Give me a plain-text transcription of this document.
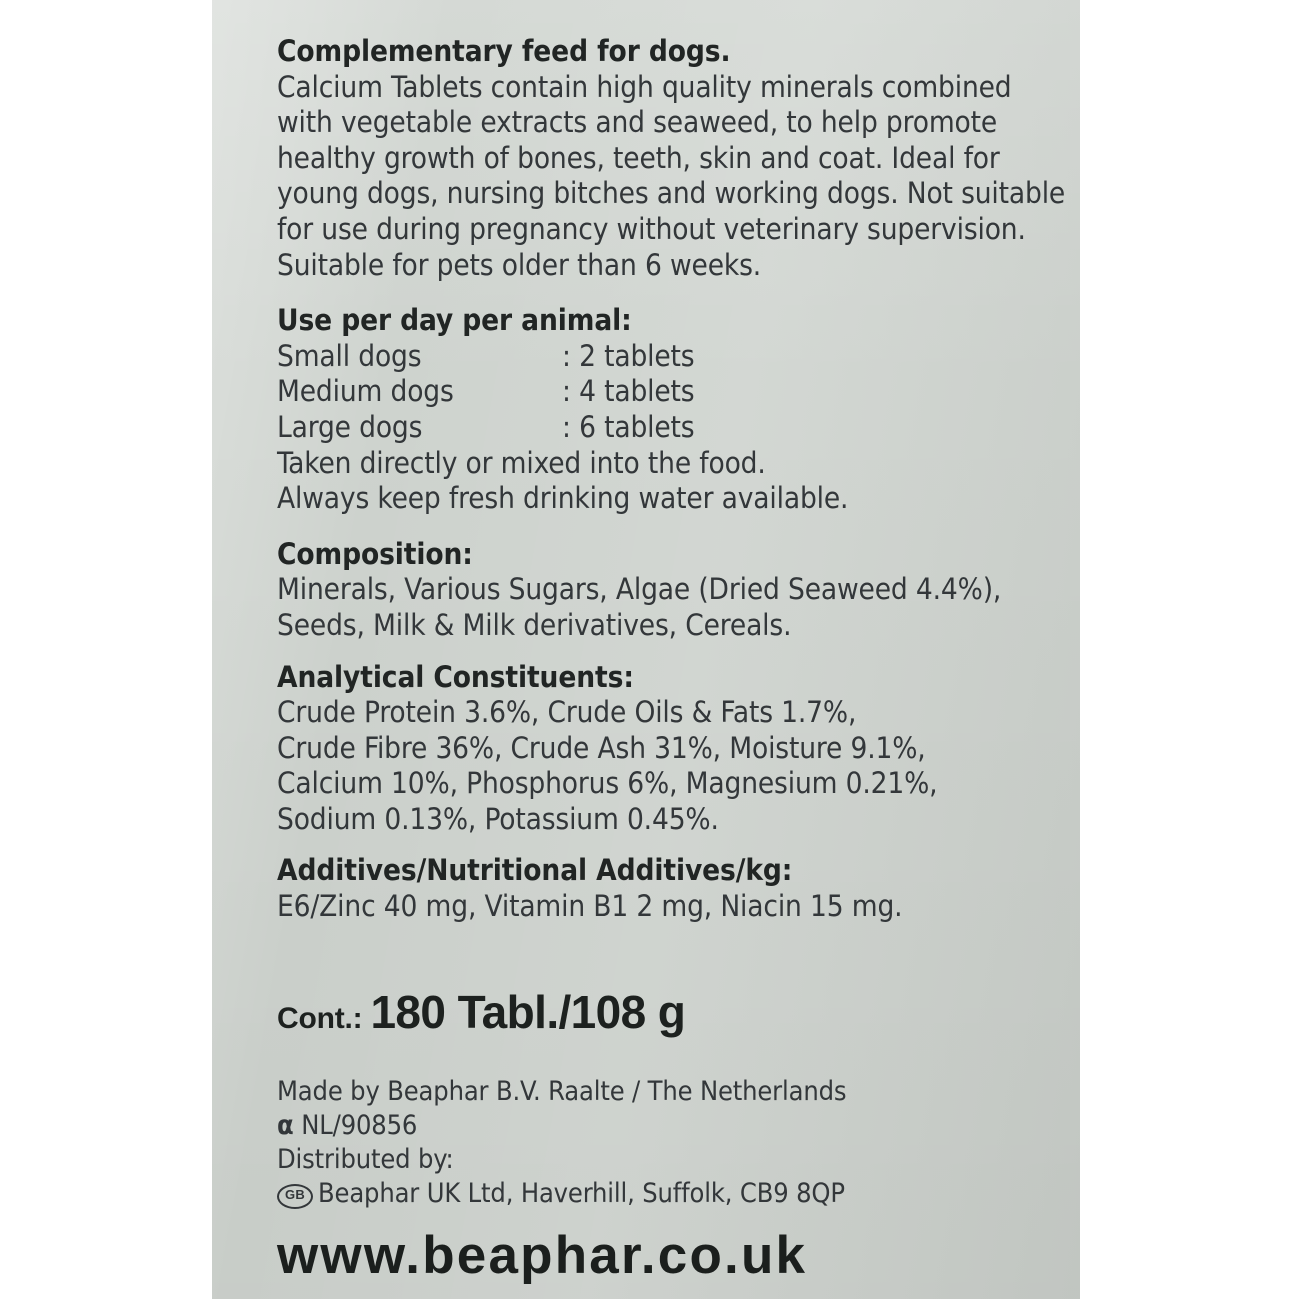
Complementary feed for dogs.
Calcium Tablets contain high quality minerals combined with vegetable extracts and seaweed, to help promote healthy growth of bones, teeth, skin and coat. Ideal for young dogs, nursing bitches and working dogs. Not suitable for use during pregnancy without veterinary supervision. Suitable for pets older than 6 weeks.
Use per day per animal:
Small dogs	: 2 tablets
Medium dogs	: 4 tablets
Large dogs	: 6 tablets
Taken directly or mixed into the food.
Always keep fresh drinking water available.
Composition:
Minerals, Various Sugars, Algae (Dried Seaweed 4.4%),
Seeds, Milk & Milk derivatives, Cereals.
Analytical Constituents:
Crude Protein 3.6%, Crude Oils & Fats 1.7%,
Crude Fibre 36%, Crude Ash 31%, Moisture 9.1%,
Calcium 10%, Phosphorus 6%, Magnesium 0.21%,
Sodium 0.13%, Potassium 0.45%.
Additives/Nutritional Additives/kg:
E6/Zinc 40 mg, Vitamin B1 2 mg, Niacin 15 mg.
Cont.: 180 Tabl./108 g
Made by Beaphar B.V. Raalte / The Netherlands
α NL/90856
Distributed by:
GB Beaphar UK Ltd, Haverhill, Suffolk, CB9 8QP
www.beaphar.co.uk
